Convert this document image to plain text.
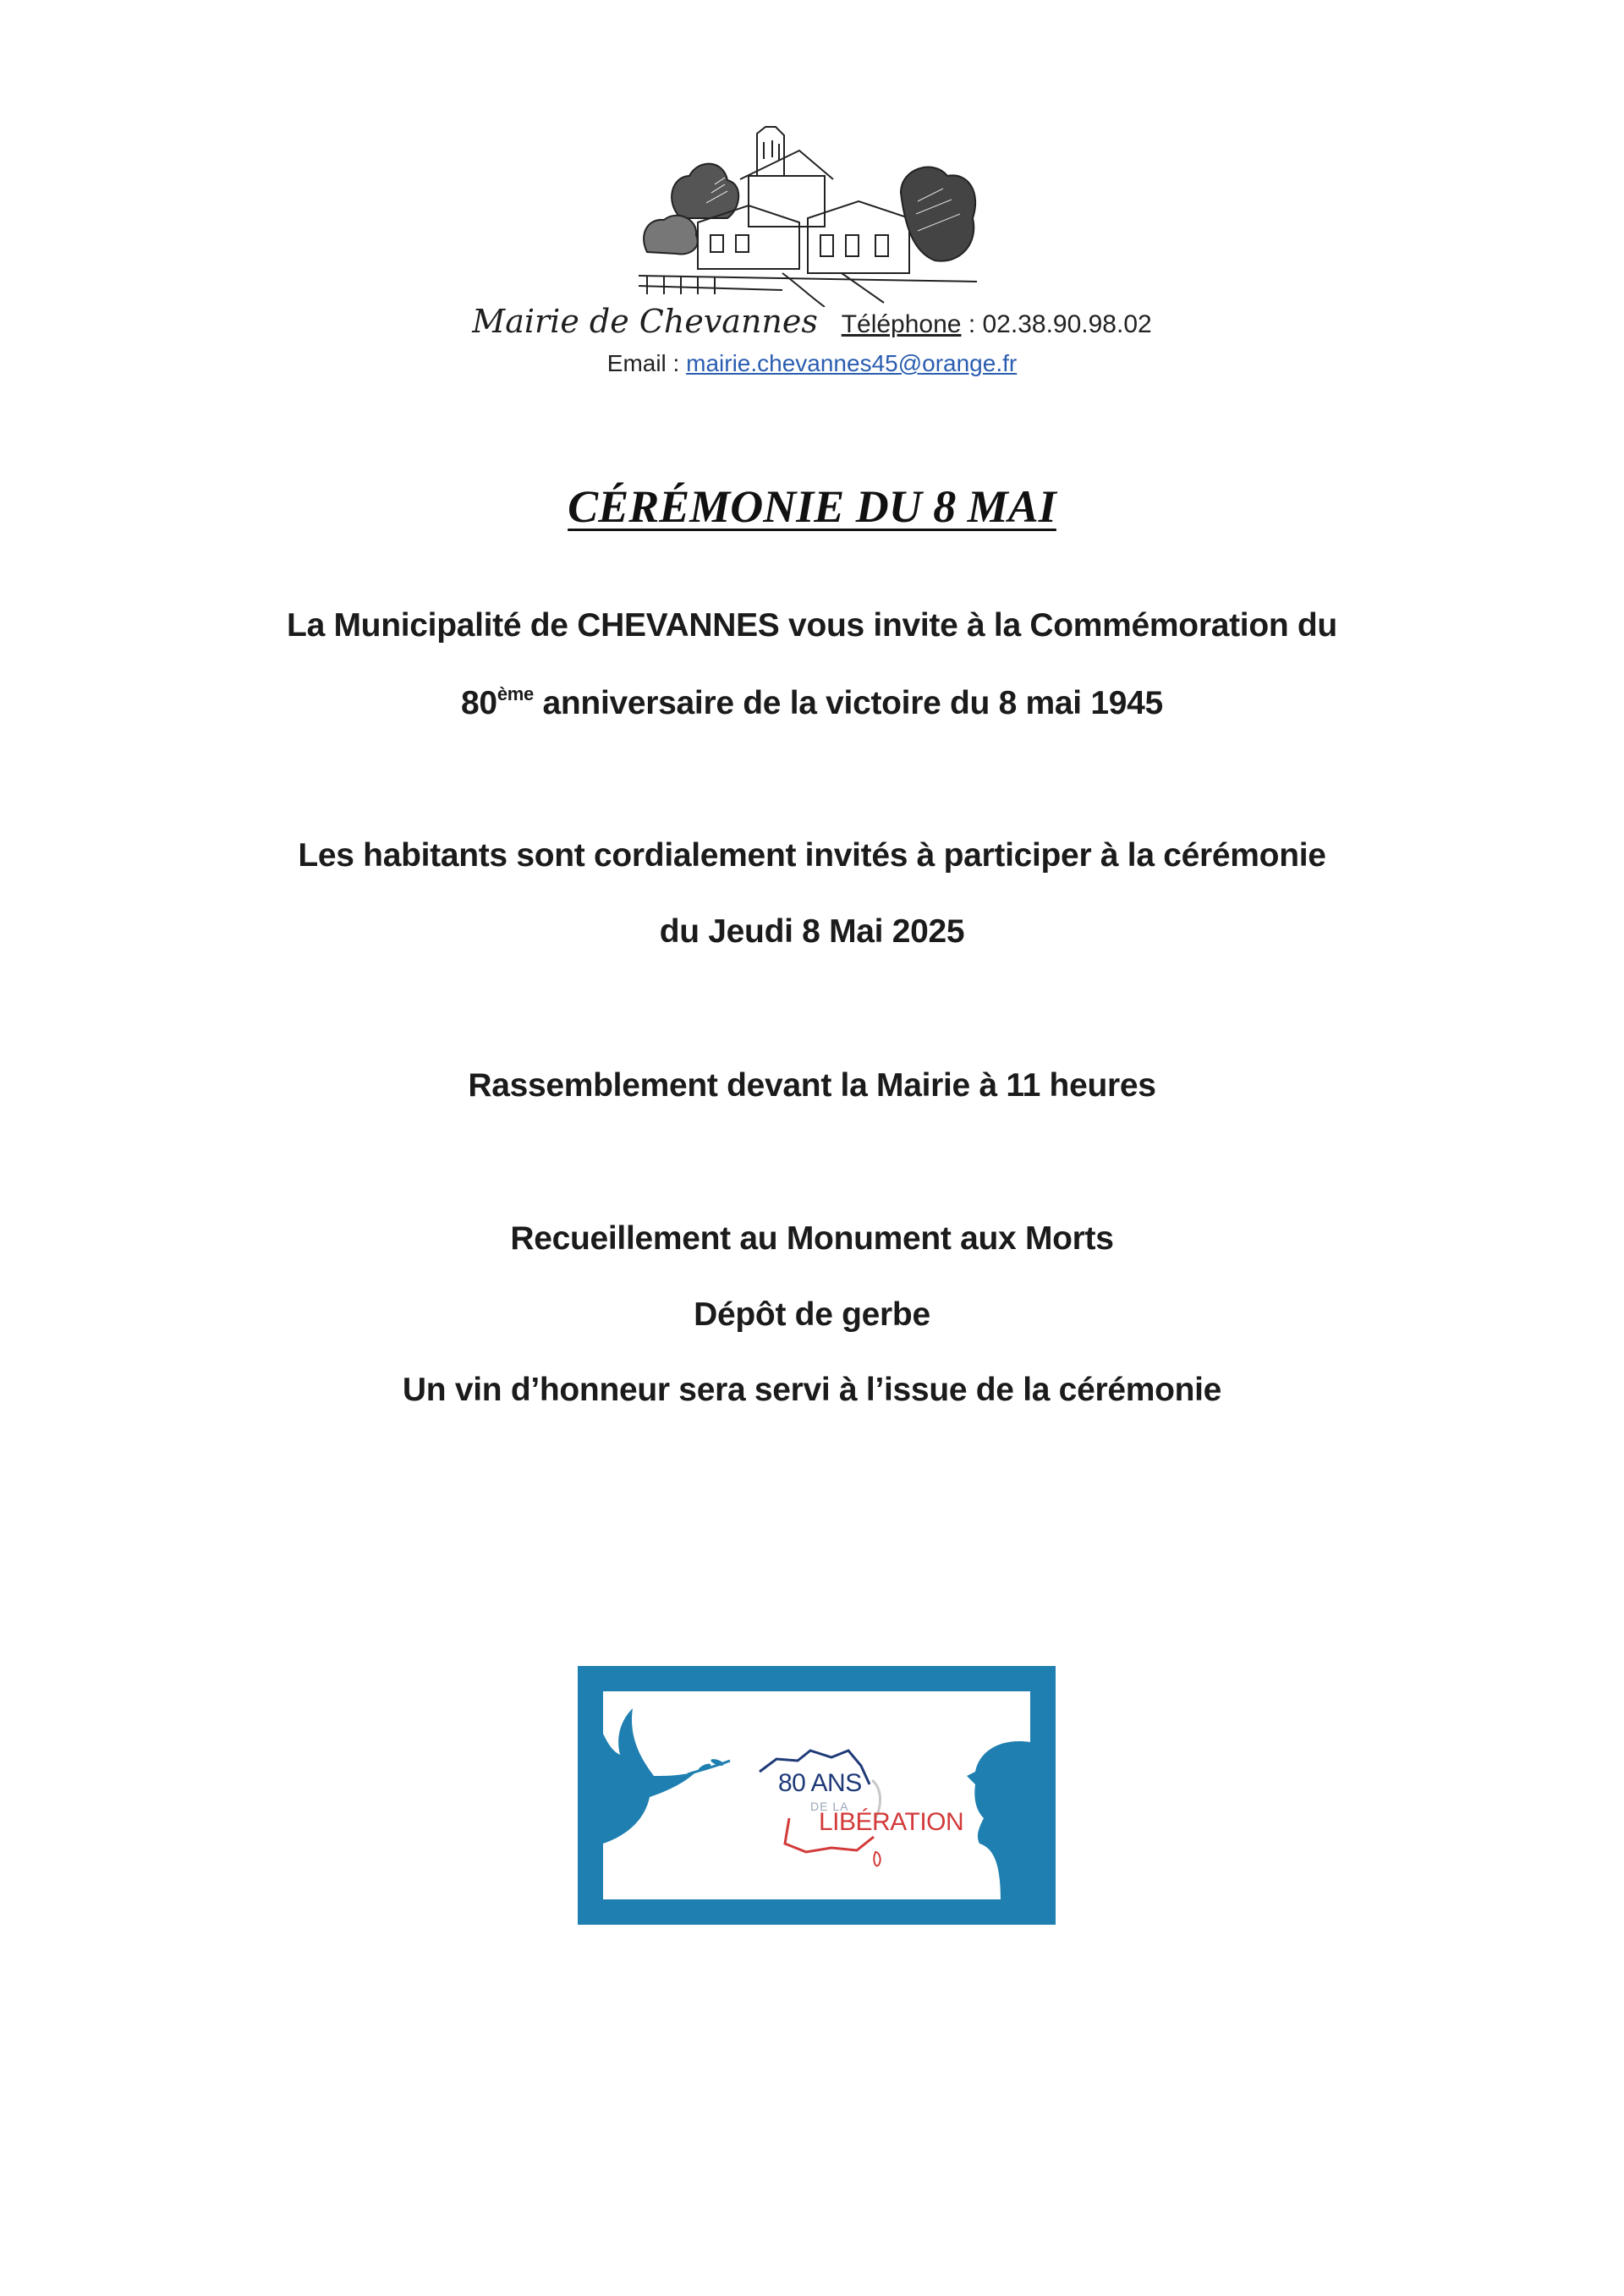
Mairie de Chevannes Téléphone : 02.38.90.98.02
Email : mairie.chevannes45@orange.fr
CÉRÉMONIE DU 8 MAI
La Municipalité de CHEVANNES vous invite à la Commémoration du
80ème anniversaire de la victoire du 8 mai 1945
Les habitants sont cordialement invités à participer à la cérémonie
du Jeudi 8 Mai 2025
Rassemblement devant la Mairie à 11 heures
Recueillement au Monument aux Morts
Dépôt de gerbe
Un vin d’honneur sera servi à l’issue de la cérémonie
80 ANS
DE LA
LIBÉRATION
